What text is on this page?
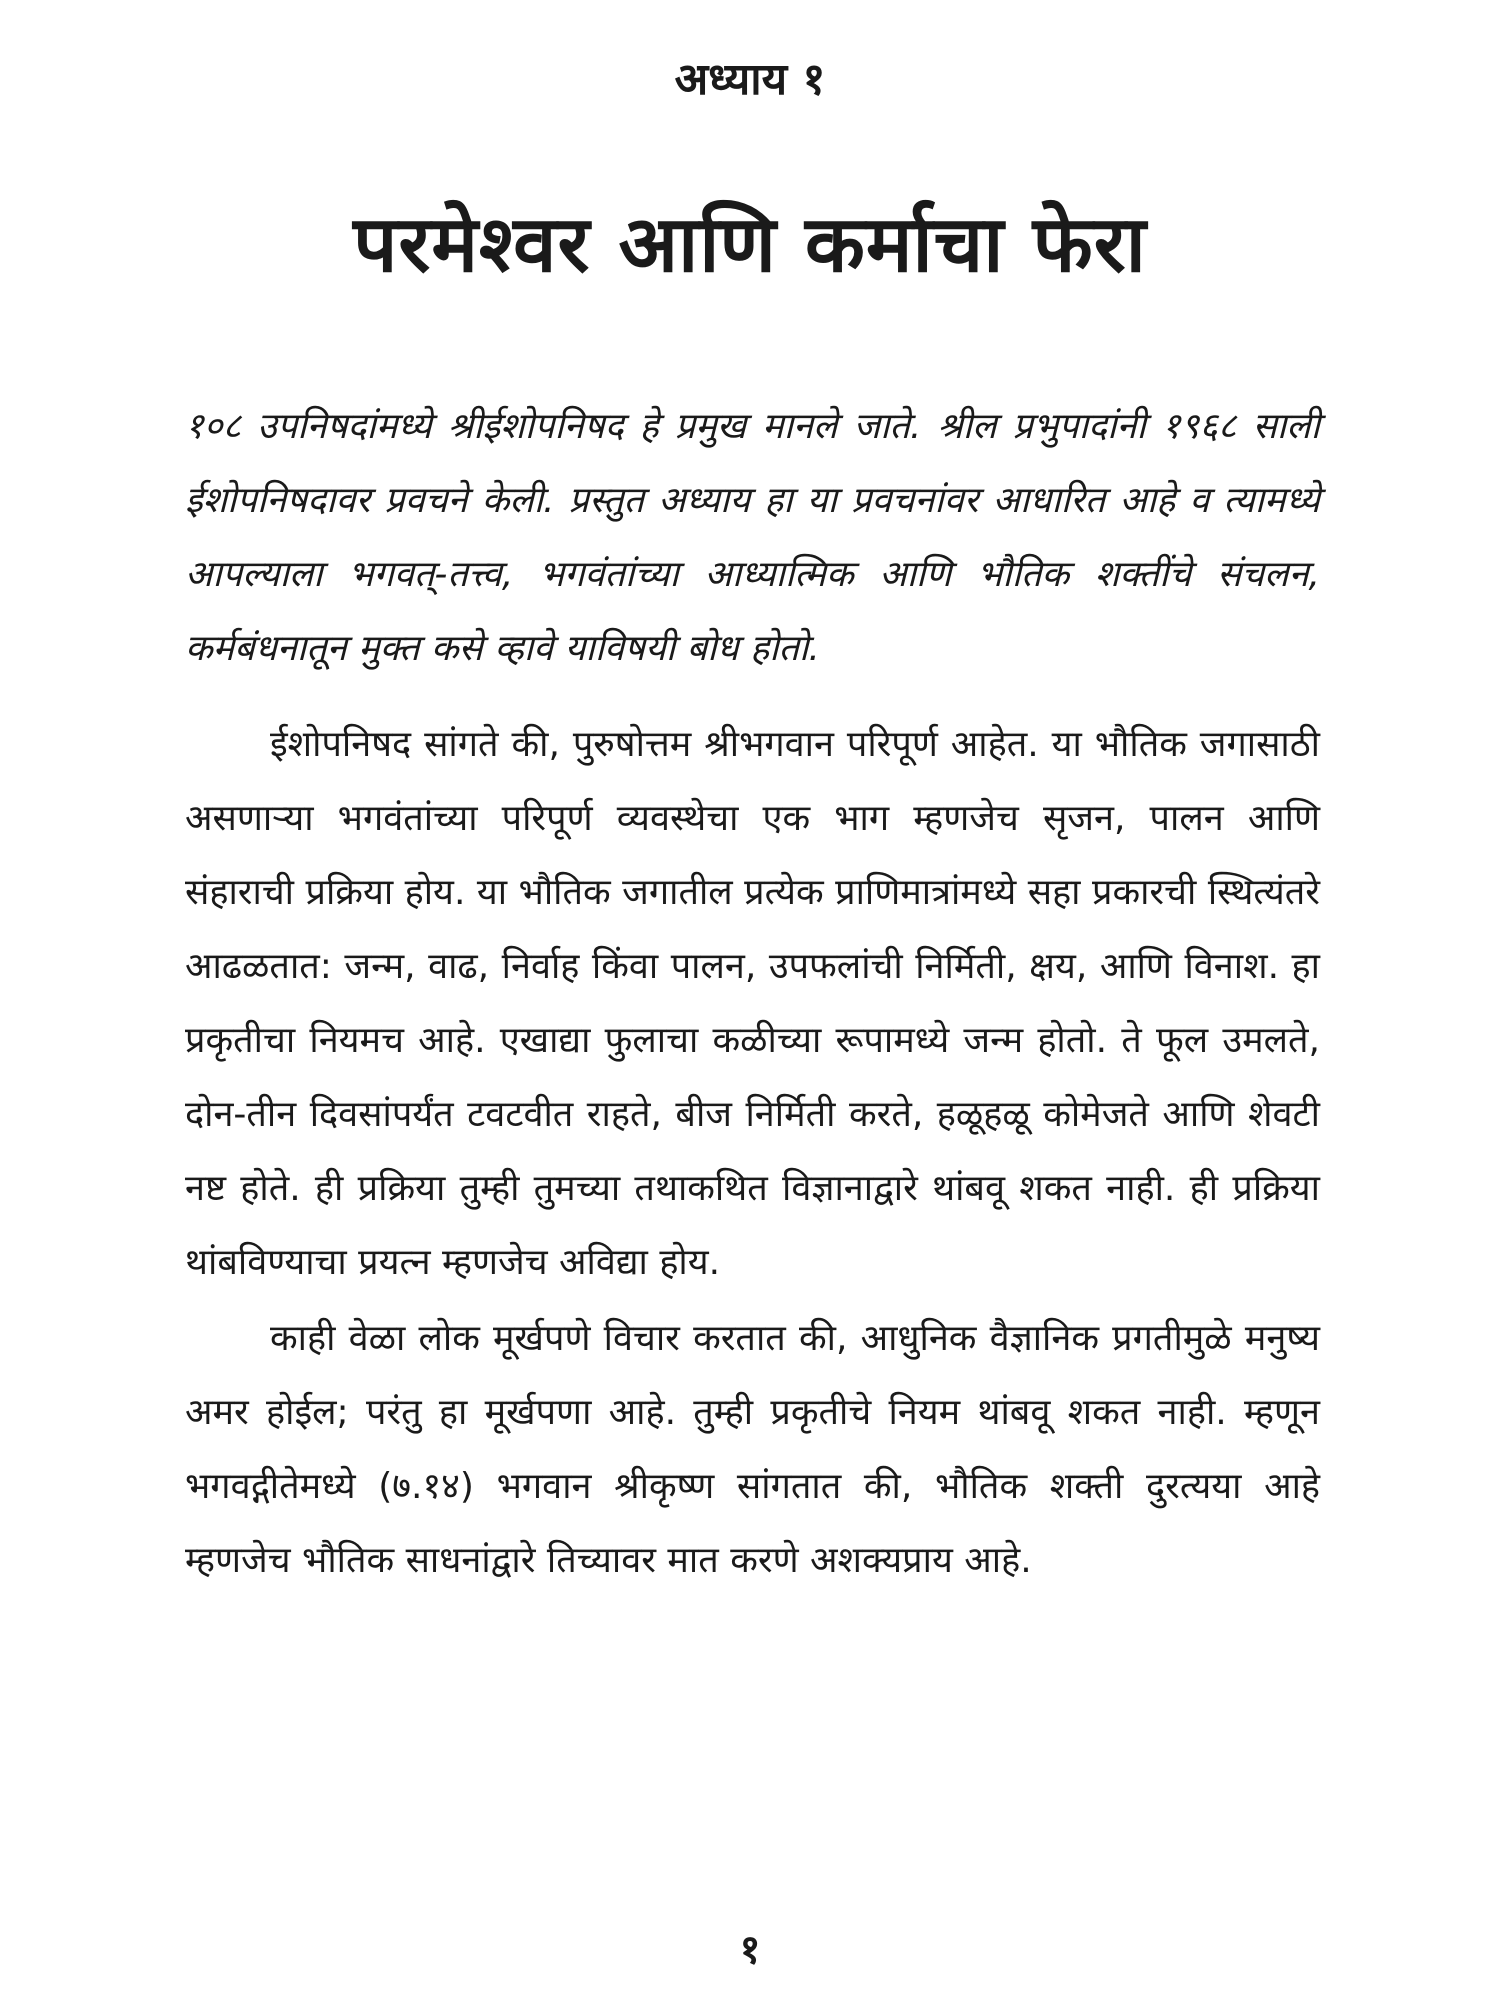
अध्याय १
परमेश्वर आणि कर्माचा फेरा

१०८ उपनिषदांमध्ये श्रीईशोपनिषद हे प्रमुख मानले जाते. श्रील प्रभुपादांनी १९६८ साली ईशोपनिषदावर प्रवचने केली. प्रस्तुत अध्याय हा या प्रवचनांवर आधारित आहे व त्यामध्ये आपल्याला भगवत्-तत्त्व, भगवंतांच्या आध्यात्मिक आणि भौतिक शक्तींचे संचलन, कर्मबंधनातून मुक्त कसे व्हावे याविषयी बोध होतो.

ईशोपनिषद सांगते की, पुरुषोत्तम श्रीभगवान परिपूर्ण आहेत. या भौतिक जगासाठी असणाऱ्या भगवंतांच्या परिपूर्ण व्यवस्थेचा एक भाग म्हणजेच सृजन, पालन आणि संहाराची प्रक्रिया होय. या भौतिक जगातील प्रत्येक प्राणिमात्रांमध्ये सहा प्रकारची स्थित्यंतरे आढळतात: जन्म, वाढ, निर्वाह किंवा पालन, उपफलांची निर्मिती, क्षय, आणि विनाश. हा प्रकृतीचा नियमच आहे. एखाद्या फुलाचा कळीच्या रूपामध्ये जन्म होतो. ते फूल उमलते, दोन-तीन दिवसांपर्यंत टवटवीत राहते, बीज निर्मिती करते, हळूहळू कोमेजते आणि शेवटी नष्ट होते. ही प्रक्रिया तुम्ही तुमच्या तथाकथित विज्ञानाद्वारे थांबवू शकत नाही. ही प्रक्रिया थांबविण्याचा प्रयत्न म्हणजेच अविद्या होय.

काही वेळा लोक मूर्खपणे विचार करतात की, आधुनिक वैज्ञानिक प्रगतीमुळे मनुष्य अमर होईल; परंतु हा मूर्खपणा आहे. तुम्ही प्रकृतीचे नियम थांबवू शकत नाही. म्हणून भगवद्गीतेमध्ये (७.१४) भगवान श्रीकृष्ण सांगतात की, भौतिक शक्ती दुरत्यया आहे म्हणजेच भौतिक साधनांद्वारे तिच्यावर मात करणे अशक्यप्राय आहे.

१
